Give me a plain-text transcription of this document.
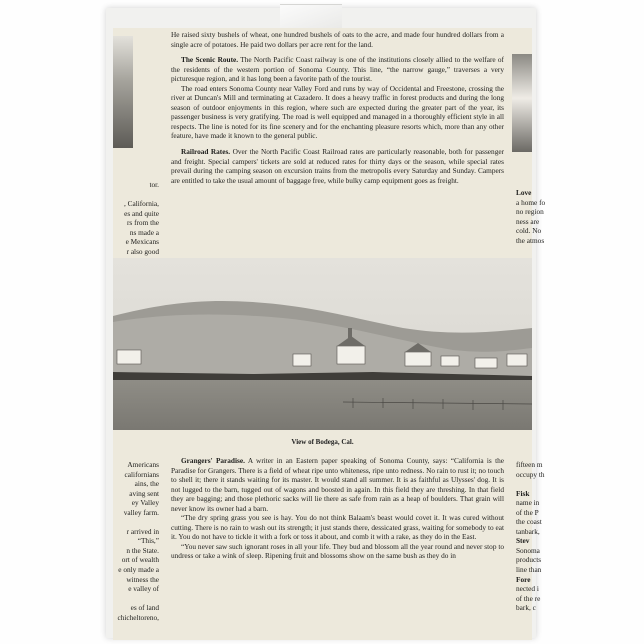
tor.

, California,
es and quite
rs from the
ns made a
e Mexicans
r also good
Love
a home fo
no region
ness are
cold. No
the atmos

He raised sixty bushels of wheat, one hundred bushels of oats to the acre, and made four hundred dollars from a single acre of potatoes. He paid two dollars per acre rent for the land.

The Scenic Route. The North Pacific Coast railway is one of the institutions closely allied to the welfare of the residents of the western portion of Sonoma County. This line, “the narrow gauge,” traverses a very picturesque region, and it has long been a favorite path of the tourist.

The road enters Sonoma County near Valley Ford and runs by way of Occidental and Freestone, crossing the river at Duncan's Mill and terminating at Cazadero. It does a heavy traffic in forest products and during the long season of outdoor enjoyments in this region, where such are expected during the greater part of the year, its passenger business is very gratifying. The road is well equipped and managed in a thoroughly efficient style in all respects. The line is noted for its fine scenery and for the enchanting pleasure resorts which, more than any other feature, have made it known to the general public.

Railroad Rates. Over the North Pacific Coast Railroad rates are particularly reasonable, both for passenger and freight. Special campers' tickets are sold at reduced rates for thirty days or the season, while special rates prevail during the camping season on excursion trains from the metropolis every Saturday and Sunday. Campers are entitled to take the usual amount of baggage free, while bulky camp equipment goes as freight.

View of Bodega, Cal.
Americans
californians
ains, the
aving sent
ey Valley
valley farm.

r arrived in
“This,”
n the State.
ort of wealth
e only made a
witness the
e valley of

es of land
chicheltoreno,
fifteen m
occupy th

Fisk
name in
of the P
the coast
tanbark,
Stev
Sonoma
products
line than
Fore
nected i
of the re
bark, c

Grangers' Paradise. A writer in an Eastern paper speaking of Sonoma County, says: “California is the Paradise for Grangers. There is a field of wheat ripe unto whiteness, ripe unto redness. No rain to rust it; no touch to shell it; there it stands waiting for its master. It would stand all summer. It is as faithful as Ulysses' dog. It is not lugged to the barn, tugged out of wagons and boosted in again. In this field they are threshing. In that field they are bagging; and those plethoric sacks will lie there as safe from rain as a heap of boulders. That grain will never know its owner had a barn.

“The dry spring grass you see is hay. You do not think Balaam's beast would covet it. It was cured without cutting. There is no rain to wash out its strength; it just stands there, dessicated grass, waiting for somebody to eat it. You do not have to tickle it with a fork or toss it about, and comb it with a rake, as they do in the East.

“You never saw such ignorant roses in all your life. They bud and blossom all the year round and never stop to undress or take a wink of sleep. Ripening fruit and blossoms show on the same bush as they do in
